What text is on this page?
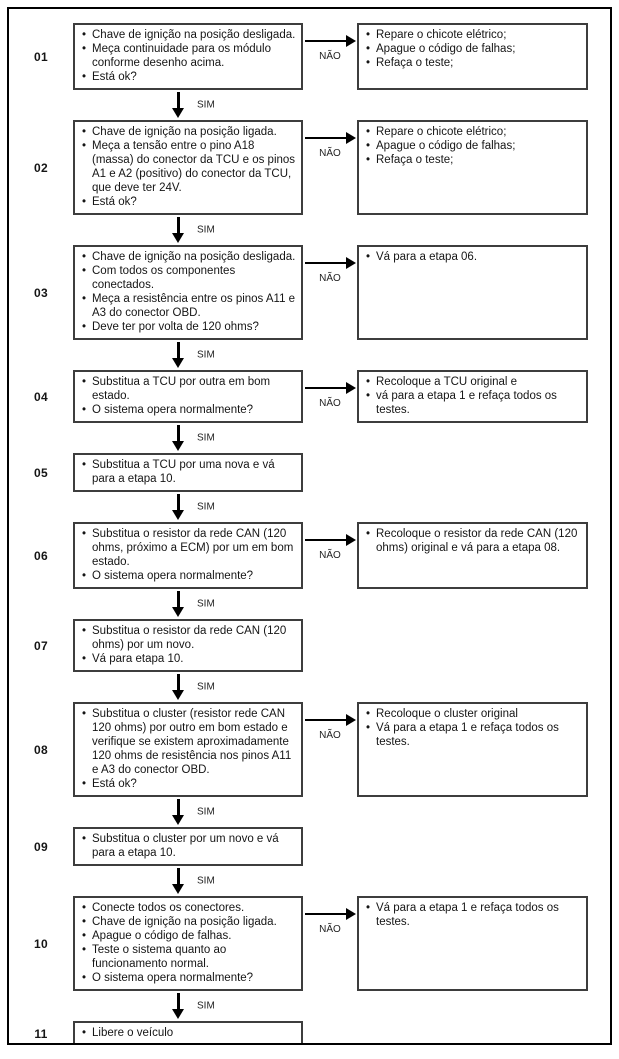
01
• Chave de ignição na posição desligada.
• Meça continuidade para os módulo conforme desenho acima.
• Está ok?
NÃO
• Repare o chicote elétrico;
• Apague o código de falhas;
• Refaça o teste;
SIM
02
• Chave de ignição na posição ligada.
• Meça a tensão entre o pino A18 (massa) do conector da TCU e os pinos A1 e A2 (positivo) do conector da TCU, que deve ter 24V.
• Está ok?
NÃO
• Repare o chicote elétrico;
• Apague o código de falhas;
• Refaça o teste;
SIM
03
• Chave de ignição na posição desligada.
• Com todos os componentes conectados.
• Meça a resistência entre os pinos A11 e A3 do conector OBD.
• Deve ter por volta de 120 ohms?
NÃO
• Vá para a etapa 06.
SIM
04
• Substitua a TCU por outra em bom estado.
• O sistema opera normalmente?
NÃO
• Recoloque a TCU original e
• vá para a etapa 1 e refaça todos os testes.
SIM
05
• Substitua a TCU por uma nova e vá para a etapa 10.
SIM
06
• Substitua o resistor da rede CAN (120 ohms, próximo a ECM) por um em bom estado.
• O sistema opera normalmente?
NÃO
• Recoloque o resistor da rede CAN (120 ohms) original e vá para a etapa 08.
SIM
07
• Substitua o resistor da rede CAN (120 ohms) por um novo.
• Vá para etapa 10.
SIM
08
• Substitua o cluster (resistor rede CAN 120 ohms) por outro em bom estado e verifique se existem aproximadamente 120 ohms de resistência nos pinos A11 e A3 do conector OBD.
• Está ok?
NÃO
• Recoloque o cluster original
• Vá para a etapa 1 e refaça todos os testes.
SIM
09
• Substitua o cluster por um novo e vá para a etapa 10.
SIM
10
• Conecte todos os conectores.
• Chave de ignição na posição ligada.
• Apague o código de falhas.
• Teste o sistema quanto ao funcionamento normal.
• O sistema opera normalmente?
NÃO
• Vá para a etapa 1 e refaça todos os testes.
SIM
11	• Libere o veículo
